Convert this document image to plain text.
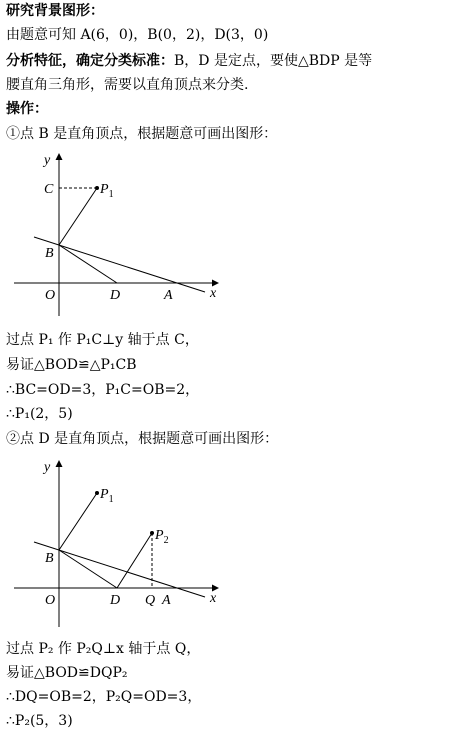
研究背景图形：
由题意可知 A(6，0)，B(0，2)，D(3，0)
分析特征，确定分类标准：B，D 是定点，要使△BDP 是等
腰直角三角形，需要以直角顶点来分类.
操作：
①点 B 是直角顶点，根据题意可画出图形：
y
x
C	$P_1$
B
O	D	A
过点 P₁ 作 P₁C⊥y 轴于点 C，
易证△BOD≌△P₁CB
∴BC=OD=3，P₁C=OB=2，
∴P₁(2，5)
②点 D 是直角顶点，根据题意可画出图形：
y
x
$P_1$
$P_2$
B
O	D Q A
过点 P₂ 作 P₂Q⊥x 轴于点 Q，
易证△BOD≌DQP₂
∴DQ=OB=2，P₂Q=OD=3，
∴P₂(5，3)
